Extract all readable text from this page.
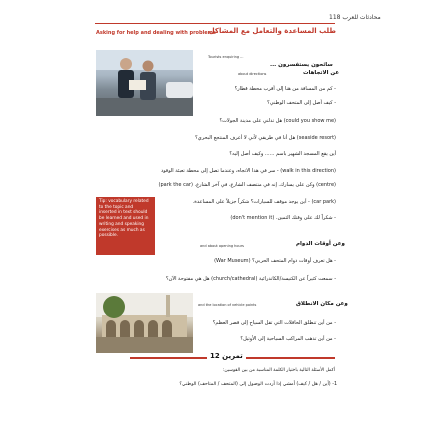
118 محادثات للعرب
طلب المساعدة والتعامل مع المشاكل
Asking for help and dealing with problems
Tourists enquiring ...
سائحون يستفسرون ...
about directions	عن الاتجاهات
- كم من المسافة من هنا إلى أقرب محطة قطار؟
- كيف أصل إلى المتحف الوطني؟
(could you show me) هل تدلني على مدينة الجولات؟
(seaside resort) هل أنا في طريقي لأني لا أعرف المنتجع البحري؟
أين يقع المسجد الشهير باسم ...... وكيف أصل إليه؟
(walk in this direction) - سر في هذا الاتجاه، وعندما تصل إلى محطة تعبئة الوقود
(centre) وكن على يسارك. إنه في منتصف الشارع، في آخر الشارع. (park the car)
(car park) - أين يوجد موقف للسيارات؟ شكراً جزيلاً على المساعدة.
- شكراً لك على وقتك الثمين. (don't mention it)
Tip: vocabulary related to the topic and inserted in text should be learned and used in writing and speaking exercises as much as possible.
and about opening hours	وعن أوقات الدوام
- هل تعرف أوقات دوام المتحف الحربي؟ (War Museum)
- سمعت كثيراً عن الكنيسة/الكاتدرائية (church/cathedral) هل هي مفتوحة الآن؟
and the location of vehicle points	وعن مكان الانطلاق
- من أين تنطلق الحافلات التي تقل السياح إلى قصر العظم؟
- من أين تذهب المراكب السياحية إلى الأوتيل؟
تمرين 12
أكمل الأسئلة التالية باختيار الكلمة المناسبة من بين القوسين:
1- (أين / هل / كيف) أمشي إذا أردت الوصول إلى (المتحف / المتاحف) الوطني؟
